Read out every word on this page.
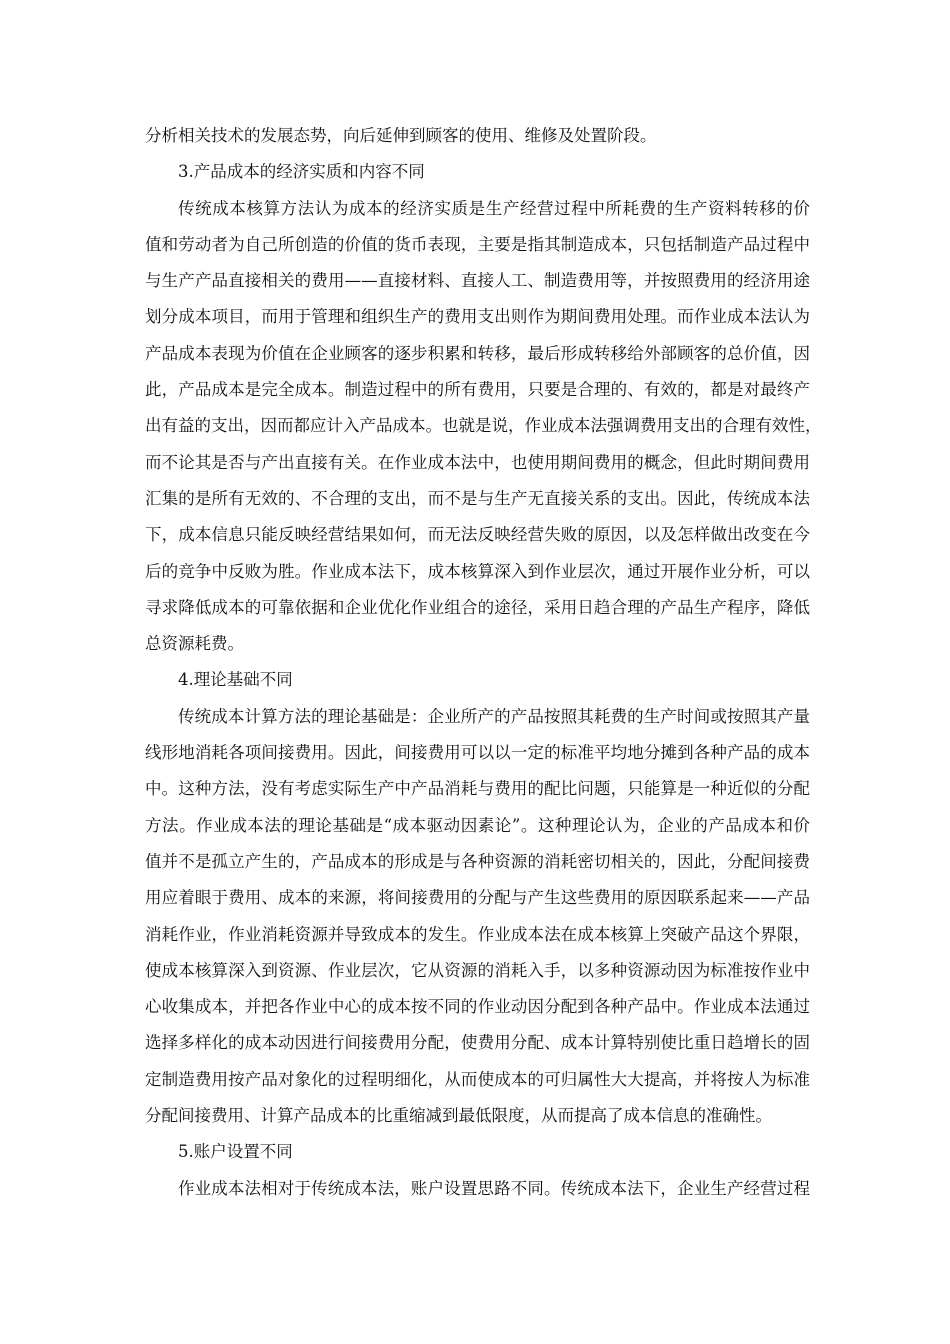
分析相关技术的发展态势，向后延伸到顾客的使用、维修及处置阶段。
3.产品成本的经济实质和内容不同
传统成本核算方法认为成本的经济实质是生产经营过程中所耗费的生产资料转移的价
值和劳动者为自己所创造的价值的货币表现，主要是指其制造成本，只包括制造产品过程中
与生产产品直接相关的费用——直接材料、直接人工、制造费用等，并按照费用的经济用途
划分成本项目，而用于管理和组织生产的费用支出则作为期间费用处理。而作业成本法认为
产品成本表现为价值在企业顾客的逐步积累和转移，最后形成转移给外部顾客的总价值，因
此，产品成本是完全成本。制造过程中的所有费用，只要是合理的、有效的，都是对最终产
出有益的支出，因而都应计入产品成本。也就是说，作业成本法强调费用支出的合理有效性，
而不论其是否与产出直接有关。在作业成本法中，也使用期间费用的概念，但此时期间费用
汇集的是所有无效的、不合理的支出，而不是与生产无直接关系的支出。因此，传统成本法
下，成本信息只能反映经营结果如何，而无法反映经营失败的原因，以及怎样做出改变在今
后的竞争中反败为胜。作业成本法下，成本核算深入到作业层次，通过开展作业分析，可以
寻求降低成本的可靠依据和企业优化作业组合的途径，采用日趋合理的产品生产程序，降低
总资源耗费。
4.理论基础不同
传统成本计算方法的理论基础是：企业所产的产品按照其耗费的生产时间或按照其产量
线形地消耗各项间接费用。因此，间接费用可以以一定的标准平均地分摊到各种产品的成本
中。这种方法，没有考虑实际生产中产品消耗与费用的配比问题，只能算是一种近似的分配
方法。作业成本法的理论基础是“成本驱动因素论”。这种理论认为，企业的产品成本和价
值并不是孤立产生的，产品成本的形成是与各种资源的消耗密切相关的，因此，分配间接费
用应着眼于费用、成本的来源，将间接费用的分配与产生这些费用的原因联系起来——产品
消耗作业，作业消耗资源并导致成本的发生。作业成本法在成本核算上突破产品这个界限，
使成本核算深入到资源、作业层次，它从资源的消耗入手，以多种资源动因为标准按作业中
心收集成本，并把各作业中心的成本按不同的作业动因分配到各种产品中。作业成本法通过
选择多样化的成本动因进行间接费用分配，使费用分配、成本计算特别使比重日趋增长的固
定制造费用按产品对象化的过程明细化，从而使成本的可归属性大大提高，并将按人为标准
分配间接费用、计算产品成本的比重缩减到最低限度，从而提高了成本信息的准确性。
5.账户设置不同
作业成本法相对于传统成本法，账户设置思路不同。传统成本法下，企业生产经营过程
